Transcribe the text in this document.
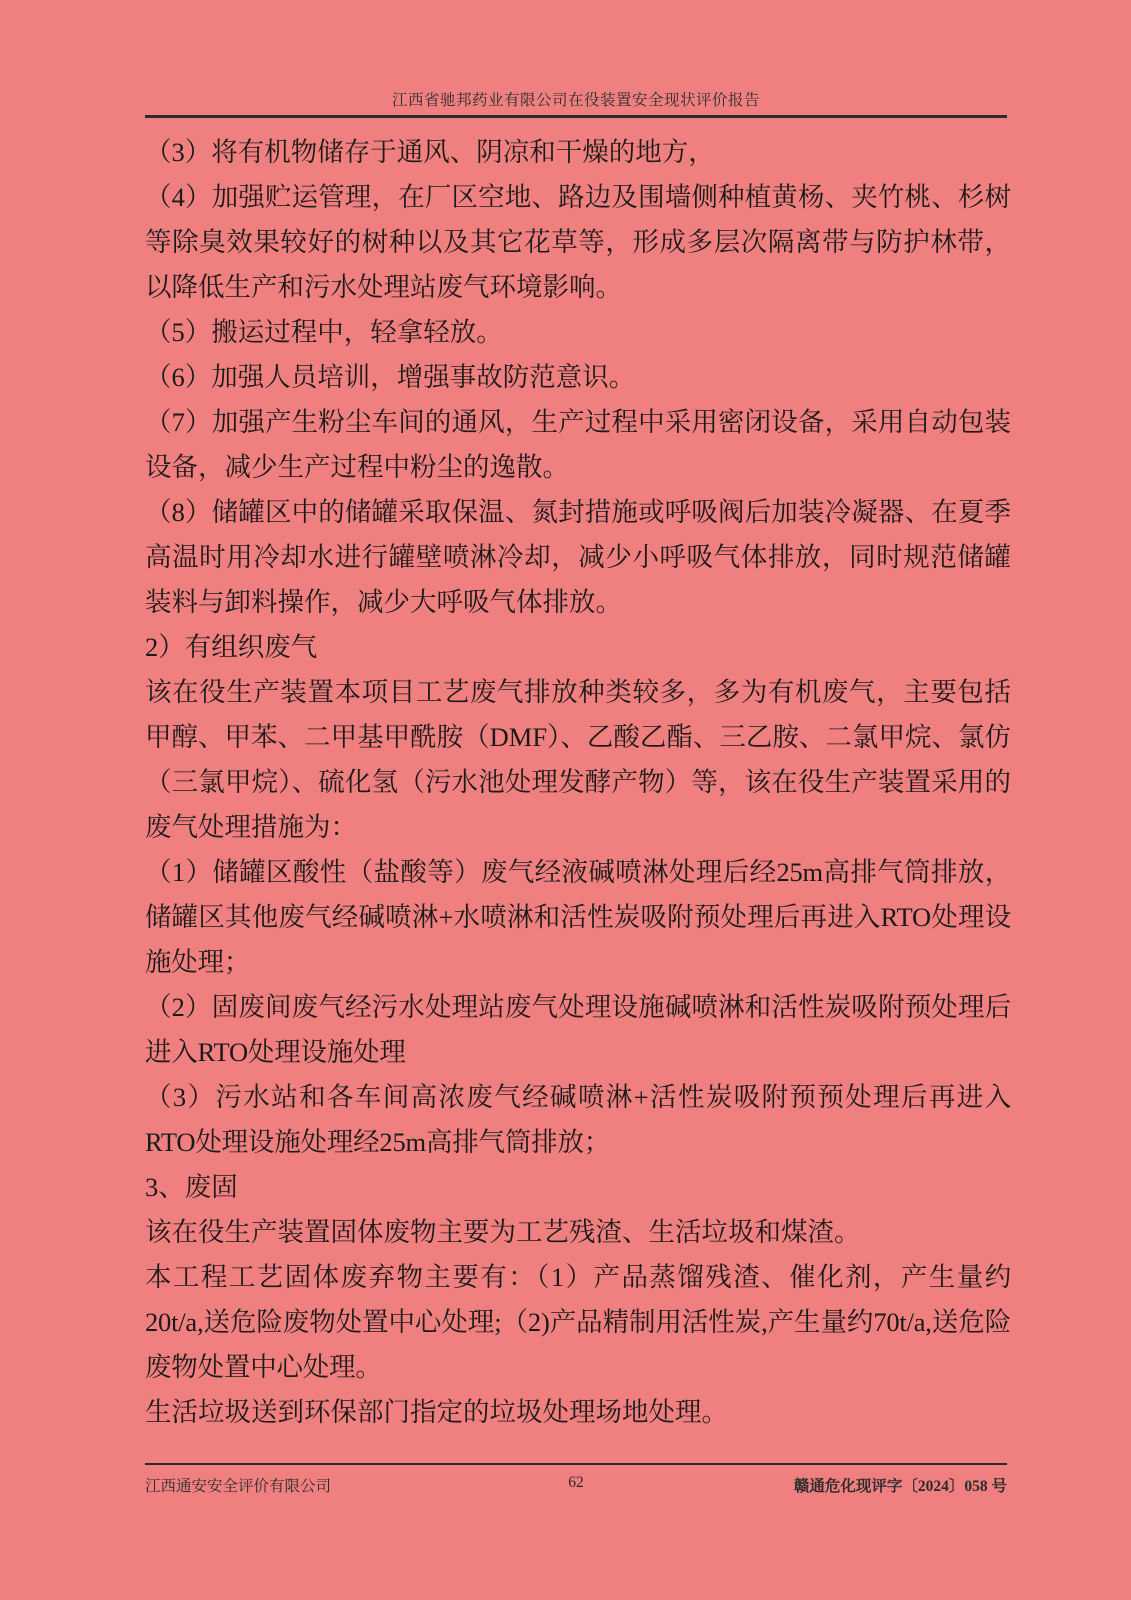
江西省驰邦药业有限公司在役装置安全现状评价报告

（3）将有机物储存于通风、阴凉和干燥的地方，

（4）加强贮运管理，在厂区空地、路边及围墙侧种植黄杨、夹竹桃、杉树等除臭效果较好的树种以及其它花草等，形成多层次隔离带与防护林带，以降低生产和污水处理站废气环境影响。

（5）搬运过程中，轻拿轻放。

（6）加强人员培训，增强事故防范意识。

（7）加强产生粉尘车间的通风，生产过程中采用密闭设备，采用自动包装设备，减少生产过程中粉尘的逸散。

（8）储罐区中的储罐采取保温、氮封措施或呼吸阀后加装冷凝器、在夏季高温时用冷却水进行罐壁喷淋冷却，减少小呼吸气体排放，同时规范储罐装料与卸料操作，减少大呼吸气体排放。

2）有组织废气

该在役生产装置本项目工艺废气排放种类较多，多为有机废气，主要包括甲醇、甲苯、二甲基甲酰胺（DMF）、乙酸乙酯、三乙胺、二氯甲烷、氯仿（三氯甲烷）、硫化氢（污水池处理发酵产物）等，该在役生产装置采用的废气处理措施为：

（1）储罐区酸性（盐酸等）废气经液碱喷淋处理后经25m高排气筒排放，储罐区其他废气经碱喷淋+水喷淋和活性炭吸附预处理后再进入RTO处理设施处理；

（2）固废间废气经污水处理站废气处理设施碱喷淋和活性炭吸附预处理后进入RTO处理设施处理

（3）污水站和各车间高浓废气经碱喷淋+活性炭吸附预预处理后再进入RTO处理设施处理经25m高排气筒排放；

3、废固

该在役生产装置固体废物主要为工艺残渣、生活垃圾和煤渣。

本工程工艺固体废弃物主要有：（1）产品蒸馏残渣、催化剂，产生量约20t/a,送危险废物处置中心处理;（2)产品精制用活性炭,产生量约70t/a,送危险废物处置中心处理。

生活垃圾送到环保部门指定的垃圾处理场地处理。

江西通安安全评价有限公司	62	赣通危化现评字〔2024〕058 号
